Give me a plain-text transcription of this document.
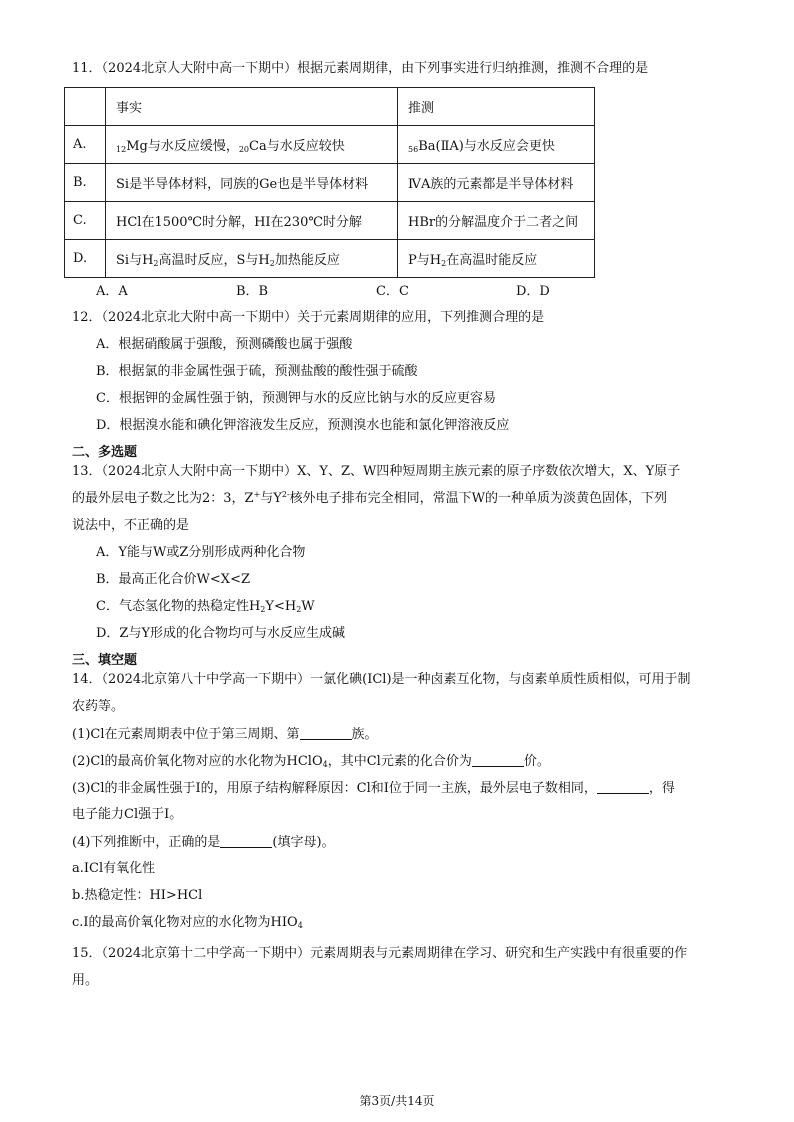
11．（2024北京人大附中高一下期中）根据元素周期律，由下列事实进行归纳推测，推测不合理的是
	事实	推测
A.	$_{12}$Mg与水反应缓慢，$_{20}$Ca与水反应较快	$_{56}$Ba(ⅡA)与水反应会更快
B.	Si是半导体材料，同族的Ge也是半导体材料	ⅣA族的元素都是半导体材料
C.	HCl在1500℃时分解，HI在230℃时分解	HBr的分解温度介于二者之间
D.	Si与$H_2$高温时反应，S与$H_2$加热能反应	P与$H_2$在高温时能反应
A．A	B．B	C．C	D．D
12．（2024北京北大附中高一下期中）关于元素周期律的应用，下列推测合理的是
A．根据硝酸属于强酸，预测磷酸也属于强酸
B．根据氯的非金属性强于硫，预测盐酸的酸性强于硫酸
C．根据钾的金属性强于钠，预测钾与水的反应比钠与水的反应更容易
D．根据溴水能和碘化钾溶液发生反应，预测溴水也能和氯化钾溶液反应
二、多选题
13．（2024北京人大附中高一下期中）X、Y、Z、W四种短周期主族元素的原子序数依次增大，X、Y原子
的最外层电子数之比为2：3，Z+与$Y^{2-}$核外电子排布完全相同，常温下W的一种单质为淡黄色固体，下列
说法中，不正确的是
A．Y能与W或Z分别形成两种化合物
B．最高正化合价W<X<Z
C．气态氢化物的热稳定性$H_2Y<H_2W$
D．Z与Y形成的化合物均可与水反应生成碱
三、填空题
14．（2024北京第八十中学高一下期中）一氯化碘(ICl)是一种卤素互化物，与卤素单质性质相似，可用于制
农药等。
(1)Cl在元素周期表中位于第三周期、第	族。
(2)Cl的最高价氧化物对应的水化物为HClO$_4$，其中Cl元素的化合价为	价。
(3)Cl的非金属性强于I的，用原子结构解释原因：Cl和I位于同一主族，最外层电子数相同，	，得
电子能力Cl强于I。
(4)下列推断中，正确的是	(填字母)。
a.ICl有氧化性
b.热稳定性：HI>HCl
c.I的最高价氧化物对应的水化物为$HIO_4$
15．（2024北京第十二中学高一下期中）元素周期表与元素周期律在学习、研究和生产实践中有很重要的作
用。
第3页/共14页
